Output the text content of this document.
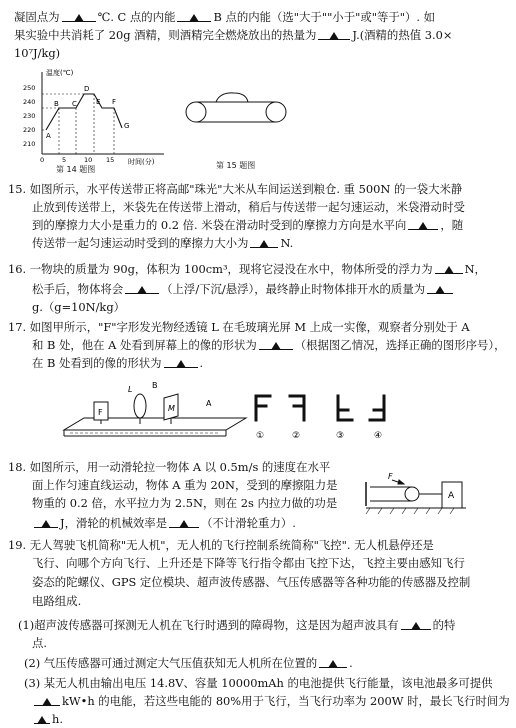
凝固点为	℃. C 点的内能	B 点的内能（选"大于""小于"或"等于"）. 如
果实验中共消耗了 20g 酒精，则酒精完全燃烧放出的热量为	J.(酒精的热值 3.0×
10⁷J/kg)
温度(℃)
时间(分)
250
240
230
220
210
0	5	10 15
A
B C
D
E F
G
第 14 题图	第 15 题图
15. 如图所示，水平传送带正将高邮"珠光"大米从车间运送到粮仓. 重 500N 的一袋大米静
止放到传送带上，米袋先在传送带上滑动，稍后与传送带一起匀速运动，米袋滑动时受
到的摩擦力大小是重力的 0.2 倍. 米袋在滑动时受到的摩擦力方向是水平向	，随
传送带一起匀速运动时受到的摩擦力大小为	N.
16. 一物块的质量为 90g，体积为 100cm³，现将它浸没在水中，物体所受的浮力为	N，
松手后，物体将会	（上浮/下沉/悬浮），最终静止时物体排开水的质量为
g.（g=10N/kg）
17. 如图甲所示，"F"字形发光物经透镜 L 在毛玻璃光屏 M 上成一实像，观察者分别处于 A
和 B 处，他在 A 处看到屏幕上的像的形状为	（根据图乙情况，选择正确的图形序号），
在 B 处看到的像的形状为	.
F
L
M
A
B
①	②	③	④
18. 如图所示，用一动滑轮拉一物体 A 以 0.5m/s 的速度在水平
面上作匀速直线运动，物体 A 重为 20N，受到的摩擦阻力是
物重的 0.2 倍，水平拉力为 2.5N，则在 2s 内拉力做的功是
J，滑轮的机械效率是	（不计滑轮重力）.
F
A
19. 无人驾驶飞机简称"无人机"，无人机的飞行控制系统简称"飞控". 无人机悬停还是
飞行、向哪个方向飞行、上升还是下降等飞行指令都由飞控下达，飞控主要由感知飞行
姿态的陀螺仪、GPS 定位模块、超声波传感器、气压传感器等各种功能的传感器及控制
电路组成.
(1)超声波传感器可探测无人机在飞行时遇到的障碍物，这是因为超声波具有	的特
点.
(2) 气压传感器可通过测定大气压值获知无人机所在位置的	.
(3) 某无人机由输出电压 14.8V、容量 10000mAh 的电池提供飞行能量，该电池最多可提供
kW•h 的电能，若这些电能的 80%用于飞行，当飞行功率为 200W 时，最长飞行时间为
h.
